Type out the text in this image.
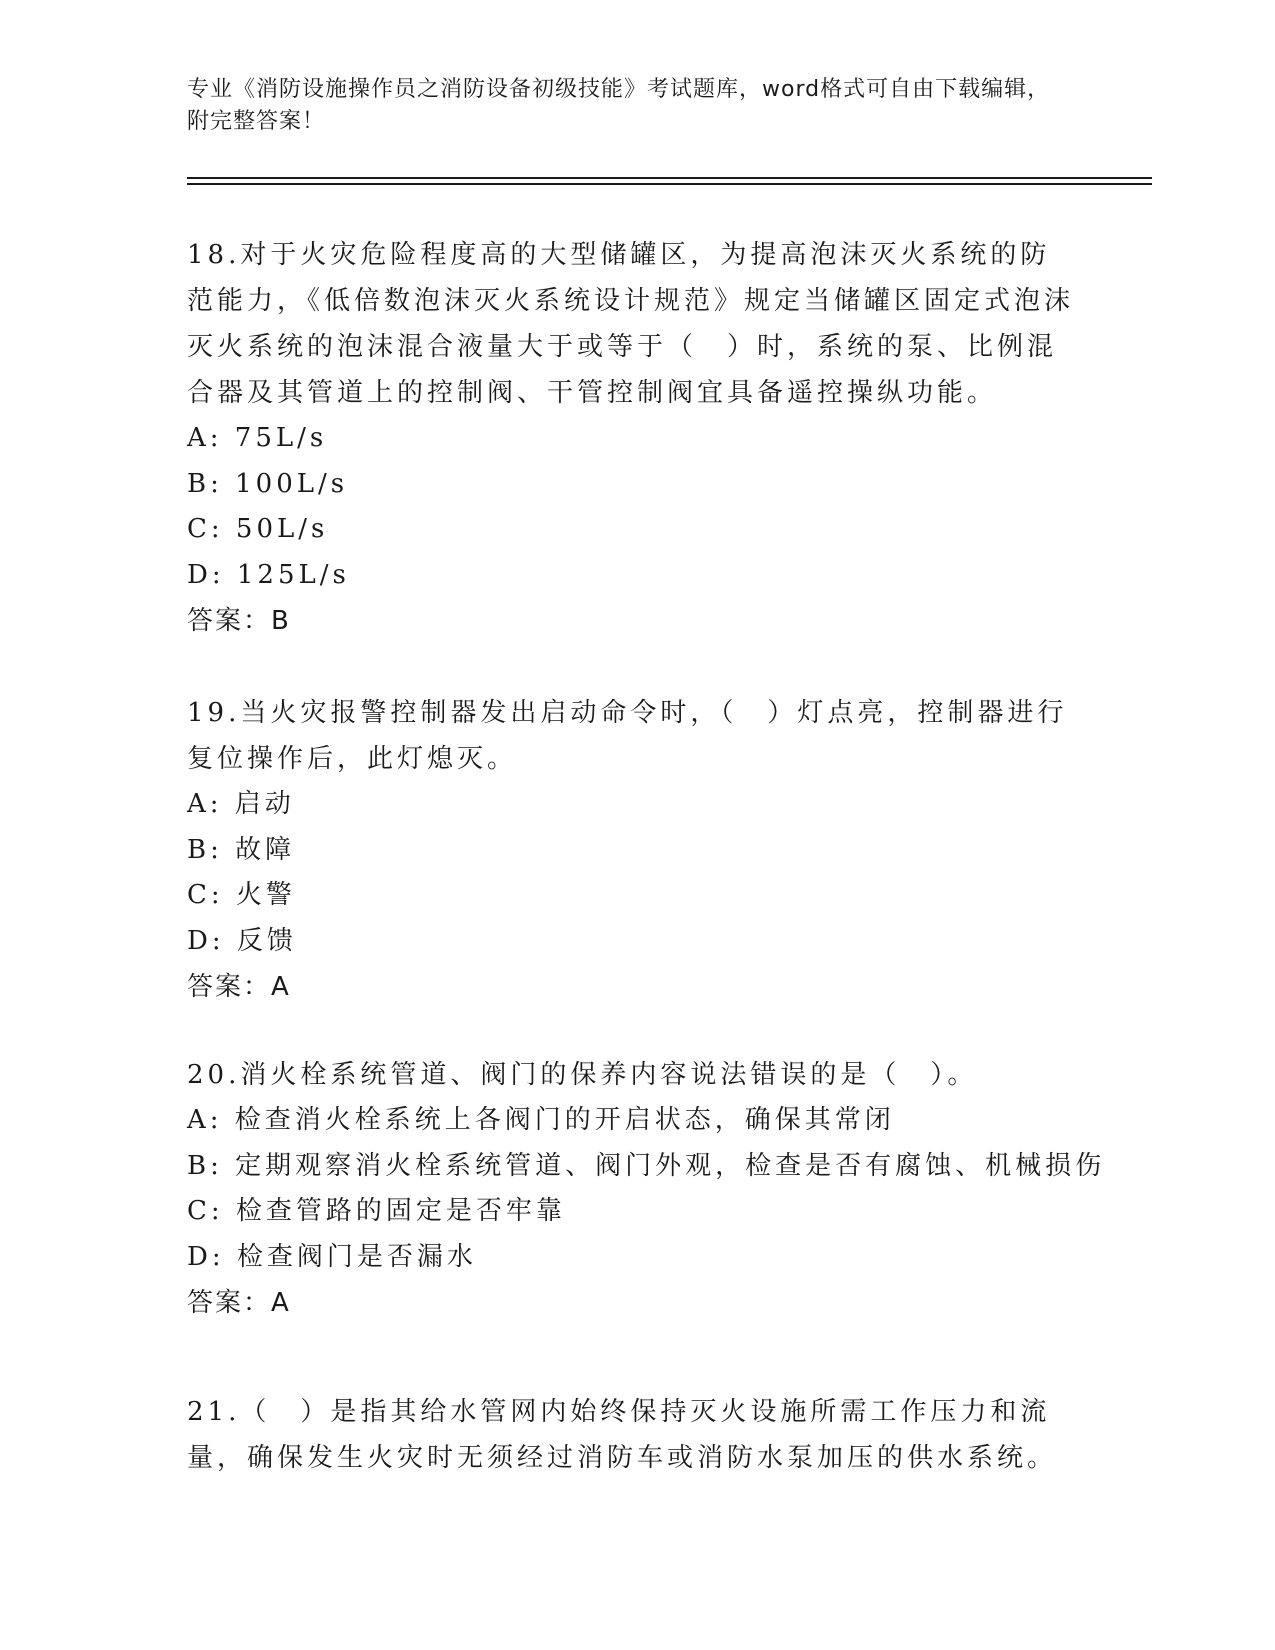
专业《消防设施操作员之消防设备初级技能》考试题库，word格式可自由下载编辑，附完整答案！

18.对于火灾危险程度高的大型储罐区，为提高泡沫灭火系统的防范能力，《低倍数泡沫灭火系统设计规范》规定当储罐区固定式泡沫灭火系统的泡沫混合液量大于或等于（　）时，系统的泵、比例混合器及其管道上的控制阀、干管控制阀宜具备遥控操纵功能。

A: 75L/s

B: 100L/s

C: 50L/s

D: 125L/s

答案：B

19.当火灾报警控制器发出启动命令时，（　）灯点亮，控制器进行复位操作后，此灯熄灭。

A: 启动

B: 故障

C: 火警

D: 反馈

答案：A

20.消火栓系统管道、阀门的保养内容说法错误的是（　）。

A: 检查消火栓系统上各阀门的开启状态，确保其常闭

B: 定期观察消火栓系统管道、阀门外观，检查是否有腐蚀、机械损伤

C: 检查管路的固定是否牢靠

D: 检查阀门是否漏水

答案：A

21.（　）是指其给水管网内始终保持灭火设施所需工作压力和流量，确保发生火灾时无须经过消防车或消防水泵加压的供水系统。
